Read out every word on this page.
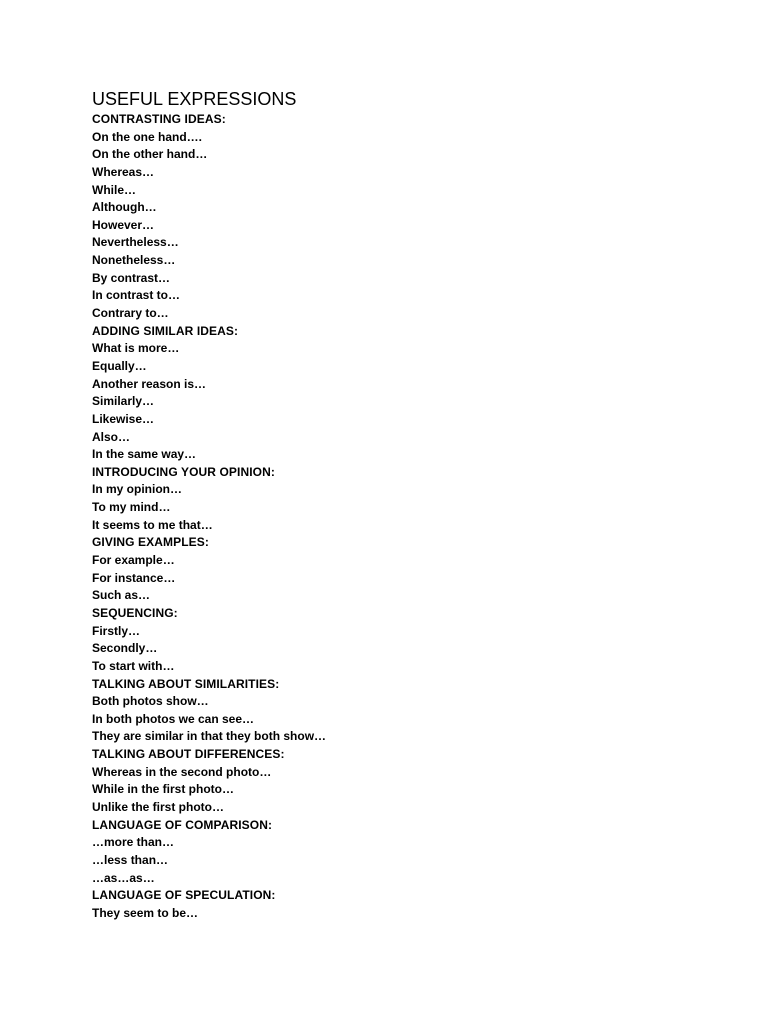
USEFUL EXPRESSIONS
CONTRASTING IDEAS:
On the one hand….
On the other hand…
Whereas…
While…
Although…
However…
Nevertheless…
Nonetheless…
By contrast…
In contrast to…
Contrary to…
ADDING SIMILAR IDEAS:
What is more…
Equally…
Another reason is…
Similarly…
Likewise…
Also…
In the same way…
INTRODUCING YOUR OPINION:
In my opinion…
To my mind…
It seems to me that…
GIVING EXAMPLES:
For example…
For instance…
Such as…
SEQUENCING:
Firstly…
Secondly…
To start with…
TALKING ABOUT SIMILARITIES:
Both photos show…
In both photos we can see…
They are similar in that they both show…
TALKING ABOUT DIFFERENCES:
Whereas in the second photo…
While in the first photo…
Unlike the first photo…
LANGUAGE OF COMPARISON:
…more than…
…less than…
…as…as…
LANGUAGE OF SPECULATION:
They seem to be…
